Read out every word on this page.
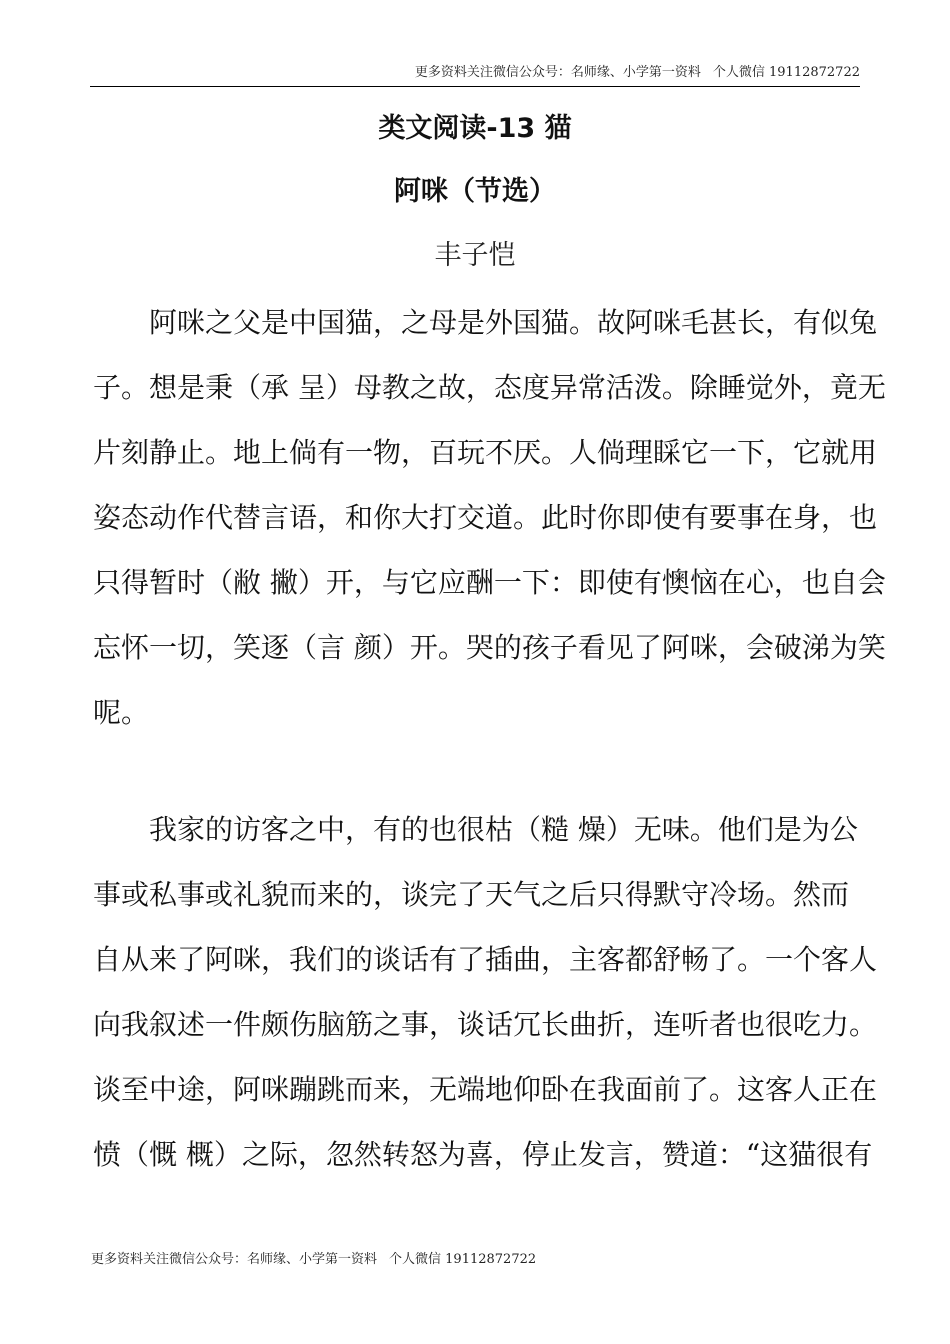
更多资料关注微信公众号：名师缘、小学第一资料 个人微信 19112872722
类文阅读-13 猫
阿咪（节选）
丰子恺
阿咪之父是中国猫，之母是外国猫。故阿咪毛甚长，有似兔
子。想是秉（承 呈）母教之故，态度异常活泼。除睡觉外，竟无
片刻静止。地上倘有一物，百玩不厌。人倘理睬它一下，它就用
姿态动作代替言语，和你大打交道。此时你即使有要事在身，也
只得暂时（敝 撇）开，与它应酬一下：即使有懊恼在心，也自会
忘怀一切，笑逐（言 颜）开。哭的孩子看见了阿咪，会破涕为笑
呢。
我家的访客之中，有的也很枯（糙 燥）无味。他们是为公
事或私事或礼貌而来的，谈完了天气之后只得默守冷场。然而
自从来了阿咪，我们的谈话有了插曲，主客都舒畅了。一个客人
向我叙述一件颇伤脑筋之事，谈话冗长曲折，连听者也很吃力。
谈至中途，阿咪蹦跳而来，无端地仰卧在我面前了。这客人正在
愤（慨 概）之际，忽然转怒为喜，停止发言，赞道：“这猫很有
更多资料关注微信公众号：名师缘、小学第一资料 个人微信 19112872722
